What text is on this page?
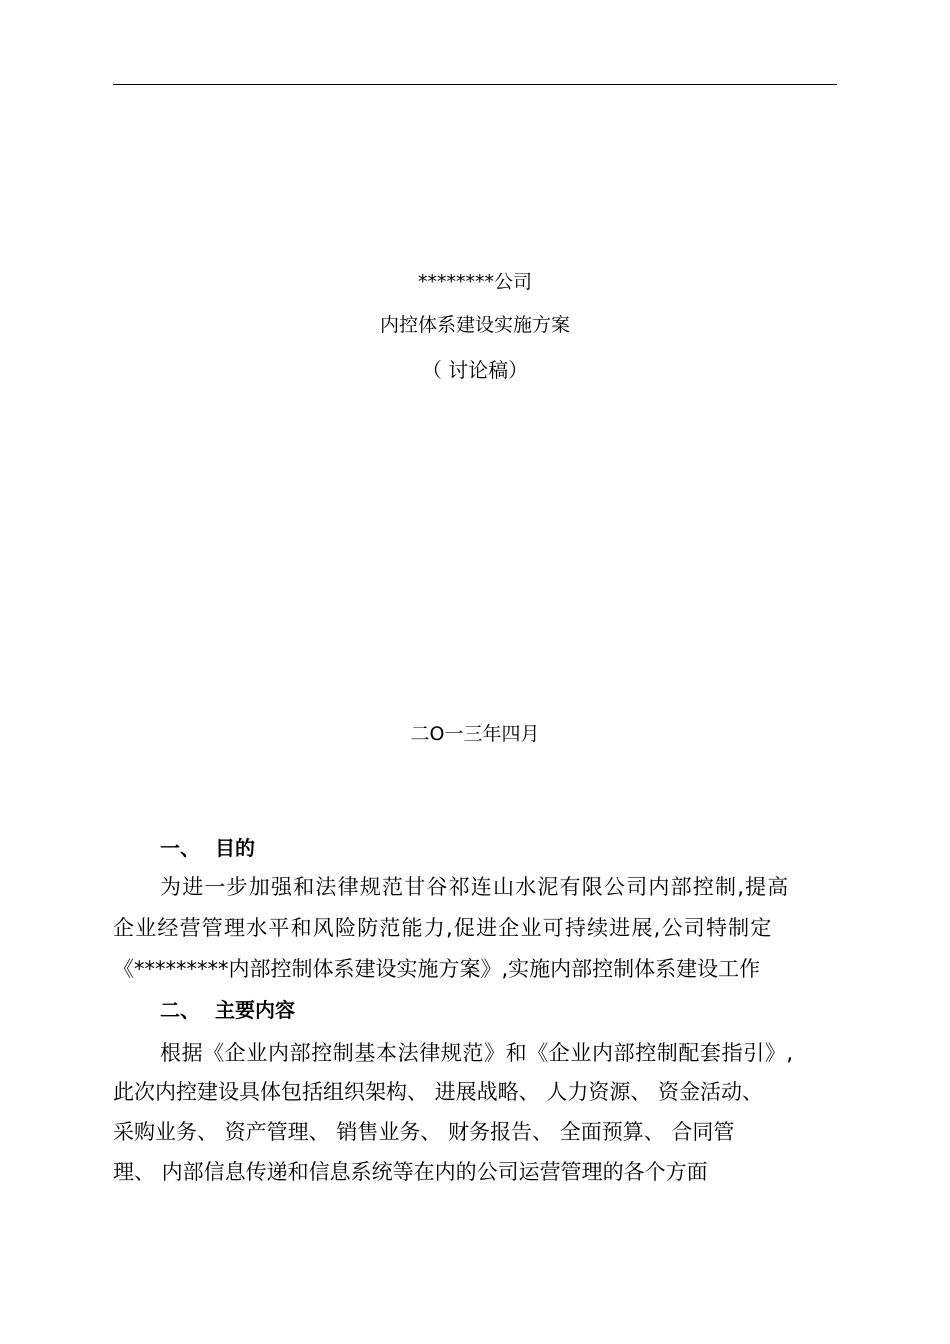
********公司
内控体系建设实施方案
（ 讨论稿）
二O一三年四月
一、 目的
为进一步加强和法律规范甘谷祁连山水泥有限公司内部控制,提高
企业经营管理水平和风险防范能力,促进企业可持续进展,公司特制定
《*********内部控制体系建设实施方案》,实施内部控制体系建设工作
二、 主要内容
根据《企业内部控制基本法律规范》和《企业内部控制配套指引》,
此次内控建设具体包括组织架构、 进展战略、 人力资源、 资金活动、
采购业务、 资产管理、 销售业务、 财务报告、 全面预算、 合同管
理、 内部信息传递和信息系统等在内的公司运营管理的各个方面
